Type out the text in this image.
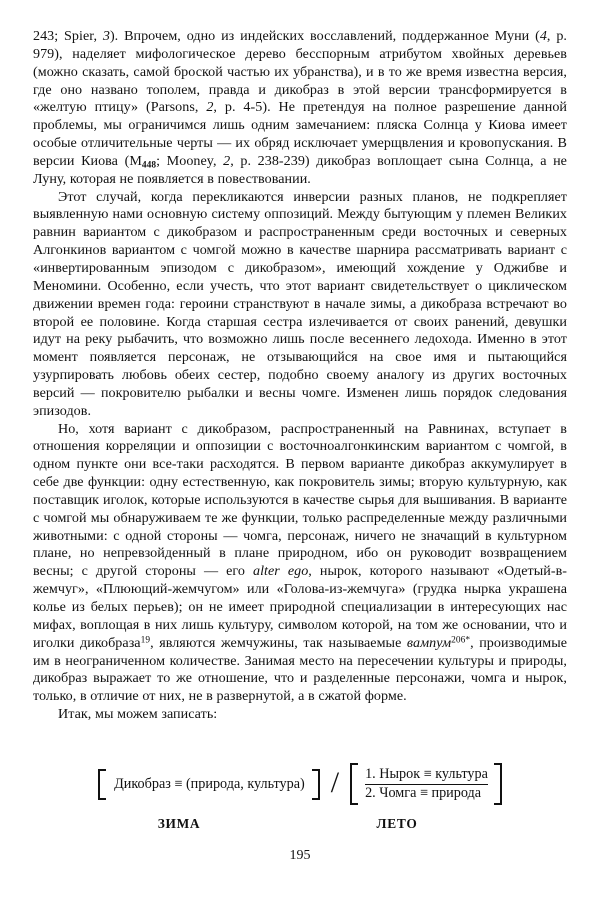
243; Spier, 3). Впрочем, одно из индейских восславлений, поддержанное Муни (4, p. 979), наделяет мифологическое дерево бесспорным атрибутом хвойных деревьев (можно сказать, самой броской частью их убранства), и в то же время известна версия, где оно названо тополем, правда и дикобраз в этой версии трансформируется в «желтую птицу» (Parsons, 2, p. 4-5). Не претендуя на полное разрешение данной проблемы, мы ограничимся лишь одним замечанием: пляска Солнца у Киова имеет особые отличительные черты — их обряд исключает умерщвления и кровопускания. В версии Киова ($M_{448}$; Mooney, 2, p. 238-239) дикобраз воплощает сына Солнца, а не Луну, которая не появляется в повествовании.

Этот случай, когда перекликаются инверсии разных планов, не подкрепляет выявленную нами основную систему оппозиций. Между бытующим у племен Великих равнин вариантом с дикобразом и распространенным среди восточных и северных Алгонкинов вариантом с чомгой можно в качестве шарнира рассматривать вариант с «инвертированным эпизодом с дикобразом», имеющий хождение у Оджибве и Меномини. Особенно, если учесть, что этот вариант свидетельствует о циклическом движении времен года: героини странствуют в начале зимы, а дикобраза встречают во второй ее половине. Когда старшая сестра излечивается от своих ранений, девушки идут на реку рыбачить, что возможно лишь после весеннего ледохода. Именно в этот момент появляется персонаж, не отзывающийся на свое имя и пытающийся узурпировать любовь обеих сестер, подобно своему аналогу из других восточных версий — покровителю рыбалки и весны чомге. Изменен лишь порядок следования эпизодов.

Но, хотя вариант с дикобразом, распространенный на Равнинах, вступает в отношения корреляции и оппозиции с восточноалгонкинским вариантом с чомгой, в одном пункте они все-таки расходятся. В первом варианте дикобраз аккумулирует в себе две функции: одну естественную, как покровитель зимы; вторую культурную, как поставщик иголок, которые используются в качестве сырья для вышивания. В варианте с чомгой мы обнаруживаем те же функции, только распределенные между различными животными: с одной стороны — чомга, персонаж, ничего не значащий в культурном плане, но непревзойденный в плане природном, ибо он руководит возвращением весны; с другой стороны — его alter ego, нырок, которого называют «Одетый-в-жемчуг», «Плюющий-жемчугом» или «Голова-из-жемчуга» (грудка нырка украшена колье из белых перьев); он не имеет природной специализации в интересующих нас мифах, воплощая в них лишь культуру, символом которой, на том же основании, что и иголки дикобраза$^{19}$, являются жемчужины, так называемые вампум$^{206*}$, производимые им в неограниченном количестве. Занимая место на пересечении культуры и природы, дикобраз выражает то же отношение, что и разделенные персонажи, чомга и нырок, только, в отличие от них, не в развернутой, а в сжатой форме.

Итак, мы можем записать:

Дикобраз ≡ (природа, культура) /	1. Нырок ≡ культура
2. Чомга ≡ природа
ЗИМА	ЛЕТО
195
